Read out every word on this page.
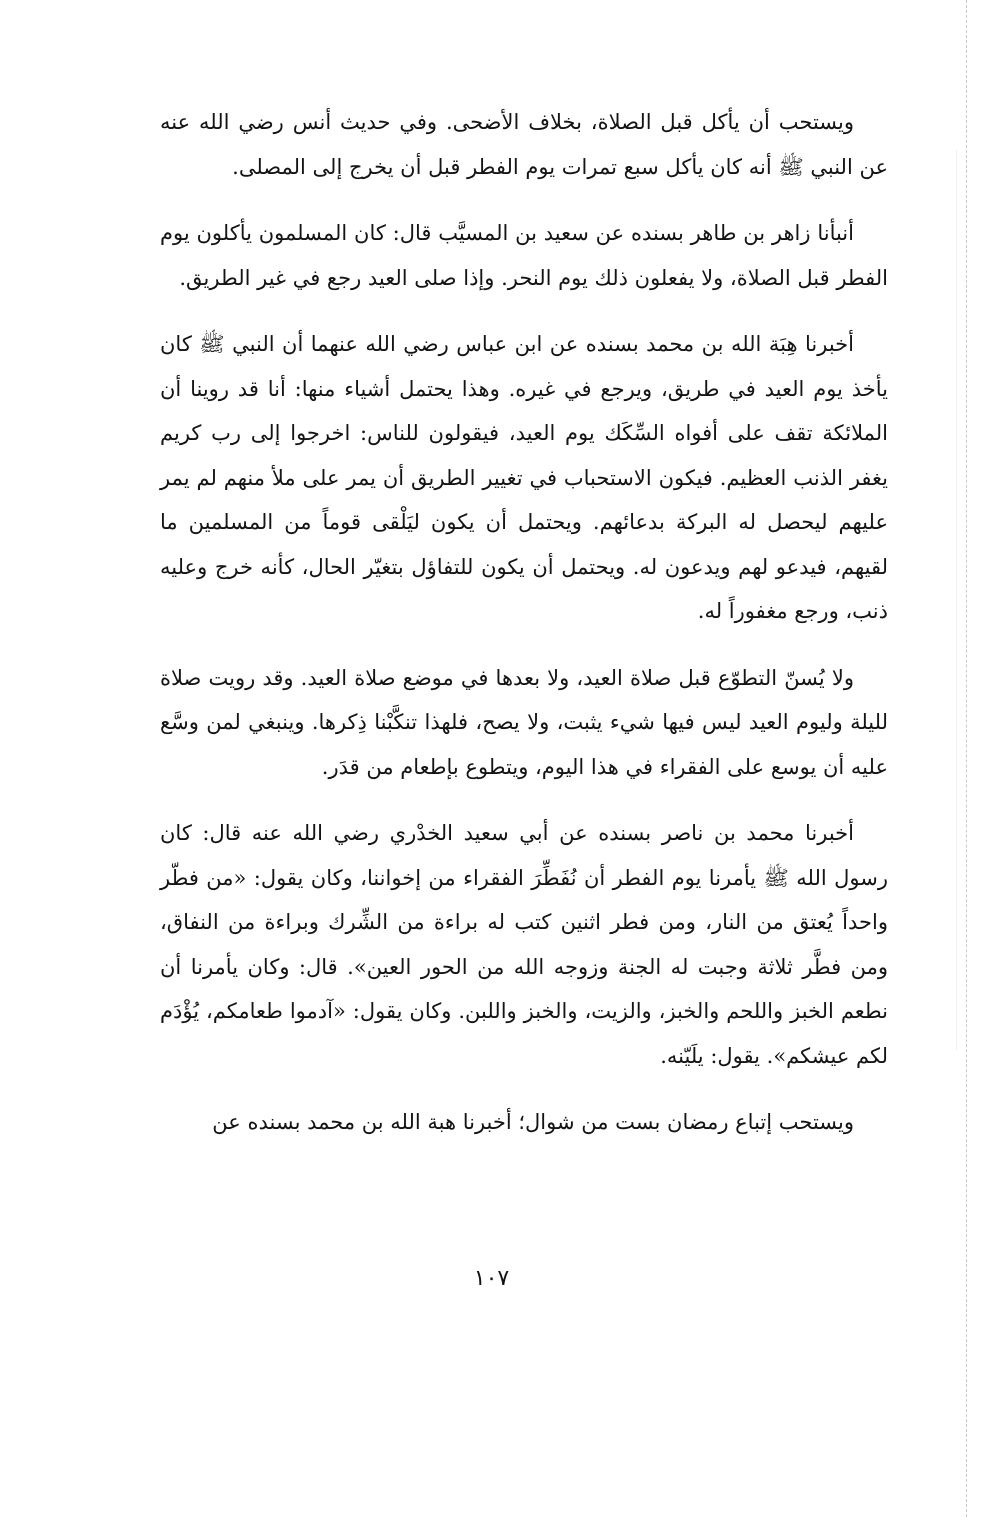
ويستحب أن يأكل قبل الصلاة، بخلاف الأضحى. وفي حديث أنس رضي الله عنه عن النبي ﷺ أنه كان يأكل سبع تمرات يوم الفطر قبل أن يخرج إلى المصلى.

أنبأنا زاهر بن طاهر بسنده عن سعيد بن المسيَّب قال: كان المسلمون يأكلون يوم الفطر قبل الصلاة، ولا يفعلون ذلك يوم النحر. وإذا صلى العيد رجع في غير الطريق.

أخبرنا هِبَة الله بن محمد بسنده عن ابن عباس رضي الله عنهما أن النبي ﷺ كان يأخذ يوم العيد في طريق، ويرجع في غيره. وهذا يحتمل أشياء منها: أنا قد روينا أن الملائكة تقف على أفواه السِّكَك يوم العيد، فيقولون للناس: اخرجوا إلى رب كريم يغفر الذنب العظيم. فيكون الاستحباب في تغيير الطريق أن يمر على ملأ منهم لم يمر عليهم ليحصل له البركة بدعائهم. ويحتمل أن يكون ليَلْقى قوماً من المسلمين ما لقيهم، فيدعو لهم ويدعون له. ويحتمل أن يكون للتفاؤل بتغيّر الحال، كأنه خرج وعليه ذنب، ورجع مغفوراً له.

ولا يُسنّ التطوّع قبل صلاة العيد، ولا بعدها في موضع صلاة العيد. وقد رويت صلاة لليلة وليوم العيد ليس فيها شيء يثبت، ولا يصح، فلهذا تنكَّبْنا ذِكرها. وينبغي لمن وسَّع عليه أن يوسع على الفقراء في هذا اليوم، ويتطوع بإطعام من قدَر.

أخبرنا محمد بن ناصر بسنده عن أبي سعيد الخدْري رضي الله عنه قال: كان رسول الله ﷺ يأمرنا يوم الفطر أن نُفَطِّرَ الفقراء من إخواننا، وكان يقول: «من فطّر واحداً يُعتق من النار، ومن فطر اثنين كتب له براءة من الشِّرك وبراءة من النفاق، ومن فطَّر ثلاثة وجبت له الجنة وزوجه الله من الحور العين». قال: وكان يأمرنا أن نطعم الخبز واللحم والخبز، والزيت، والخبز واللبن. وكان يقول: «آدموا طعامكم، يُؤْدَم لكم عيشكم». يقول: يلَيّنه.

ويستحب إتباع رمضان بست من شوال؛ أخبرنا هبة الله بن محمد بسنده عن

١٠٧
